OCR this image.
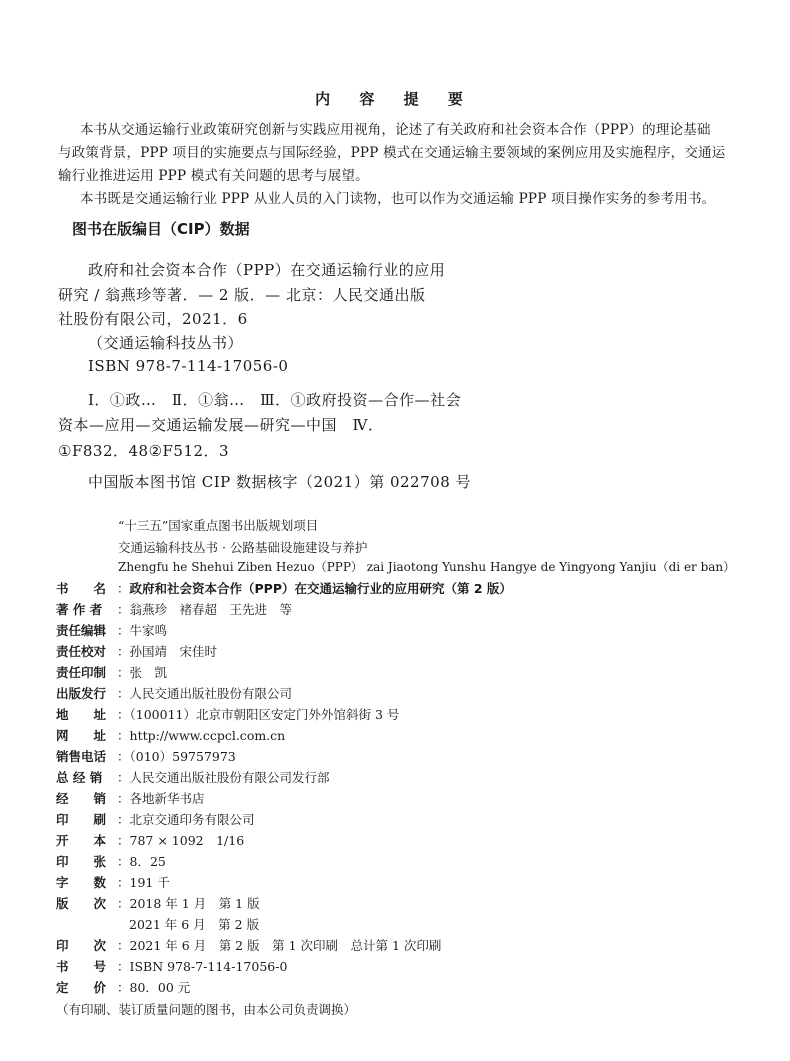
内 容 提 要
本书从交通运输行业政策研究创新与实践应用视角，论述了有关政府和社会资本合作（PPP）的理论基础
与政策背景，PPP 项目的实施要点与国际经验，PPP 模式在交通运输主要领域的案例应用及实施程序，交通运
输行业推进运用 PPP 模式有关问题的思考与展望。
本书既是交通运输行业 PPP 从业人员的入门读物，也可以作为交通运输 PPP 项目操作实务的参考用书。
图书在版编目（CIP）数据
政府和社会资本合作（PPP）在交通运输行业的应用
研究 / 翁燕珍等著．— 2 版．— 北京：人民交通出版
社股份有限公司，2021．6
（交通运输科技丛书）
ISBN 978-7-114-17056-0
Ⅰ．①政…　Ⅱ．①翁…　Ⅲ．①政府投资—合作—社会
资本—应用—交通运输发展—研究—中国　Ⅳ．
①F832．48②F512．3
中国版本图书馆 CIP 数据核字（2021）第 022708 号
“十三五”国家重点图书出版规划项目
交通运输科技丛书 · 公路基础设施建设与养护
Zhengfu he Shehui Ziben Hezuo（PPP） zai Jiaotong Yunshu Hangye de Yingyong Yanjiu（di er ban）
书　　名 ：政府和社会资本合作（PPP）在交通运输行业的应用研究（第 2 版）
著 作 者 ：翁燕珍　褚春超　王先进　等
责任编辑 ：牛家鸣
责任校对 ：孙国靖　宋佳时
责任印制 ：张　凯
出版发行 ：人民交通出版社股份有限公司
地　　址 ：（100011）北京市朝阳区安定门外外馆斜街 3 号
网　　址 ：http://www.ccpcl.com.cn
销售电话 ：（010）59757973
总 经 销 ：人民交通出版社股份有限公司发行部
经　　销 ：各地新华书店
印　　刷 ：北京交通印务有限公司
开　　本 ：787 × 1092　1/16
印　　张 ：8．25
字　　数 ：191 千
版　　次 ：2018 年 1 月　第 1 版
2021 年 6 月　第 2 版
印　　次 ：2021 年 6 月　第 2 版　第 1 次印刷　总计第 1 次印刷
书　　号 ：ISBN 978-7-114-17056-0
定　　价 ：80．00 元
（有印刷、装订质量问题的图书，由本公司负责调换）
